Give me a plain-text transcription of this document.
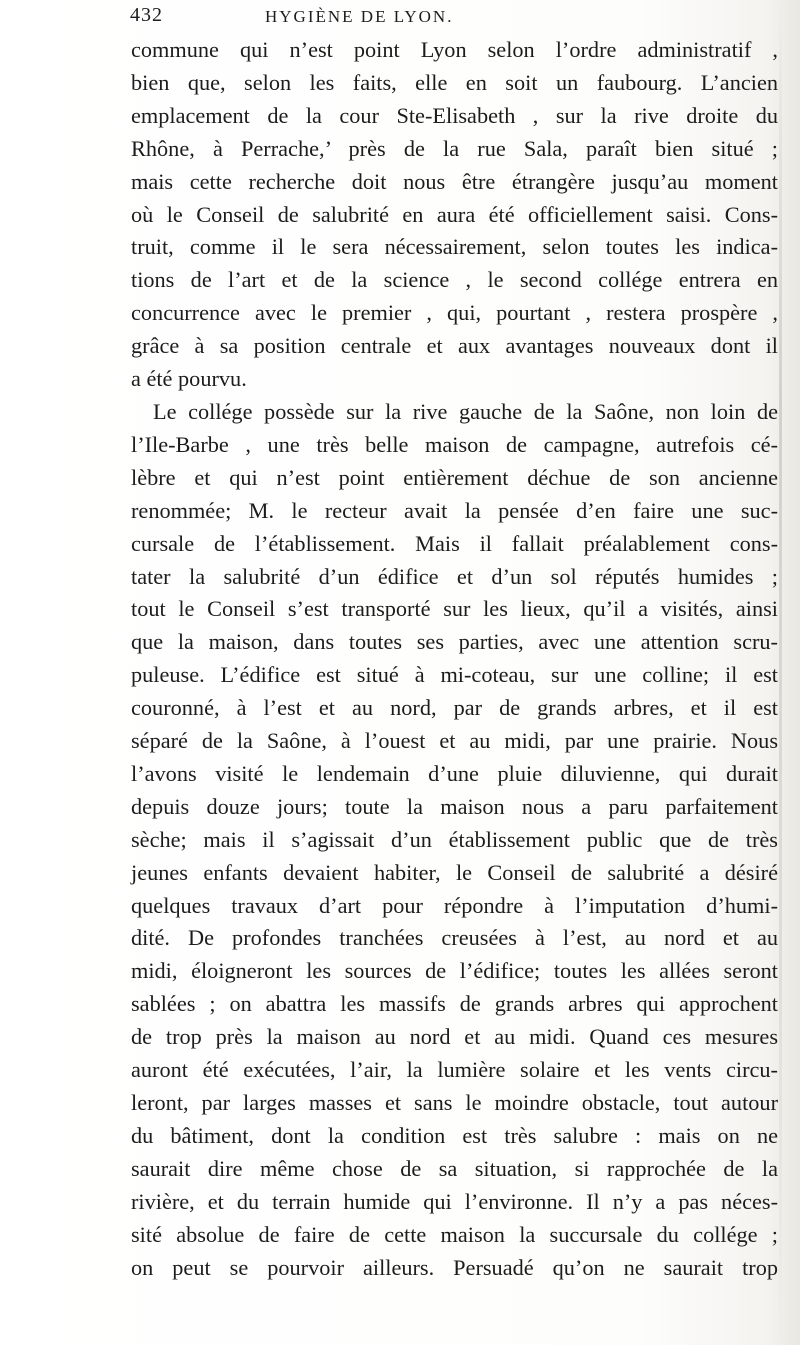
432	HYGIÈNE DE LYON.
commune qui n’est point Lyon selon l’ordre administratif ,
bien que, selon les faits, elle en soit un faubourg. L’ancien
emplacement de la cour Ste-Elisabeth , sur la rive droite du
Rhône, à Perrache,’ près de la rue Sala, paraît bien situé ;
mais cette recherche doit nous être étrangère jusqu’au moment
où le Conseil de salubrité en aura été officiellement saisi. Cons-
truit, comme il le sera nécessairement, selon toutes les indica-
tions de l’art et de la science , le second collége entrera en
concurrence avec le premier , qui, pourtant , restera prospère ,
grâce à sa position centrale et aux avantages nouveaux dont il
a été pourvu.
Le collége possède sur la rive gauche de la Saône, non loin de
l’Ile-Barbe , une très belle maison de campagne, autrefois cé-
lèbre et qui n’est point entièrement déchue de son ancienne
renommée; M. le recteur avait la pensée d’en faire une suc-
cursale de l’établissement. Mais il fallait préalablement cons-
tater la salubrité d’un édifice et d’un sol réputés humides ;
tout le Conseil s’est transporté sur les lieux, qu’il a visités, ainsi
que la maison, dans toutes ses parties, avec une attention scru-
puleuse. L’édifice est situé à mi-coteau, sur une colline; il est
couronné, à l’est et au nord, par de grands arbres, et il est
séparé de la Saône, à l’ouest et au midi, par une prairie. Nous
l’avons visité le lendemain d’une pluie diluvienne, qui durait
depuis douze jours; toute la maison nous a paru parfaitement
sèche; mais il s’agissait d’un établissement public que de très
jeunes enfants devaient habiter, le Conseil de salubrité a désiré
quelques travaux d’art pour répondre à l’imputation d’humi-
dité. De profondes tranchées creusées à l’est, au nord et au
midi, éloigneront les sources de l’édifice; toutes les allées seront
sablées ; on abattra les massifs de grands arbres qui approchent
de trop près la maison au nord et au midi. Quand ces mesures
auront été exécutées, l’air, la lumière solaire et les vents circu-
leront, par larges masses et sans le moindre obstacle, tout autour
du bâtiment, dont la condition est très salubre : mais on ne
saurait dire même chose de sa situation, si rapprochée de la
rivière, et du terrain humide qui l’environne. Il n’y a pas néces-
sité absolue de faire de cette maison la succursale du collége ;
on peut se pourvoir ailleurs. Persuadé qu’on ne saurait trop
